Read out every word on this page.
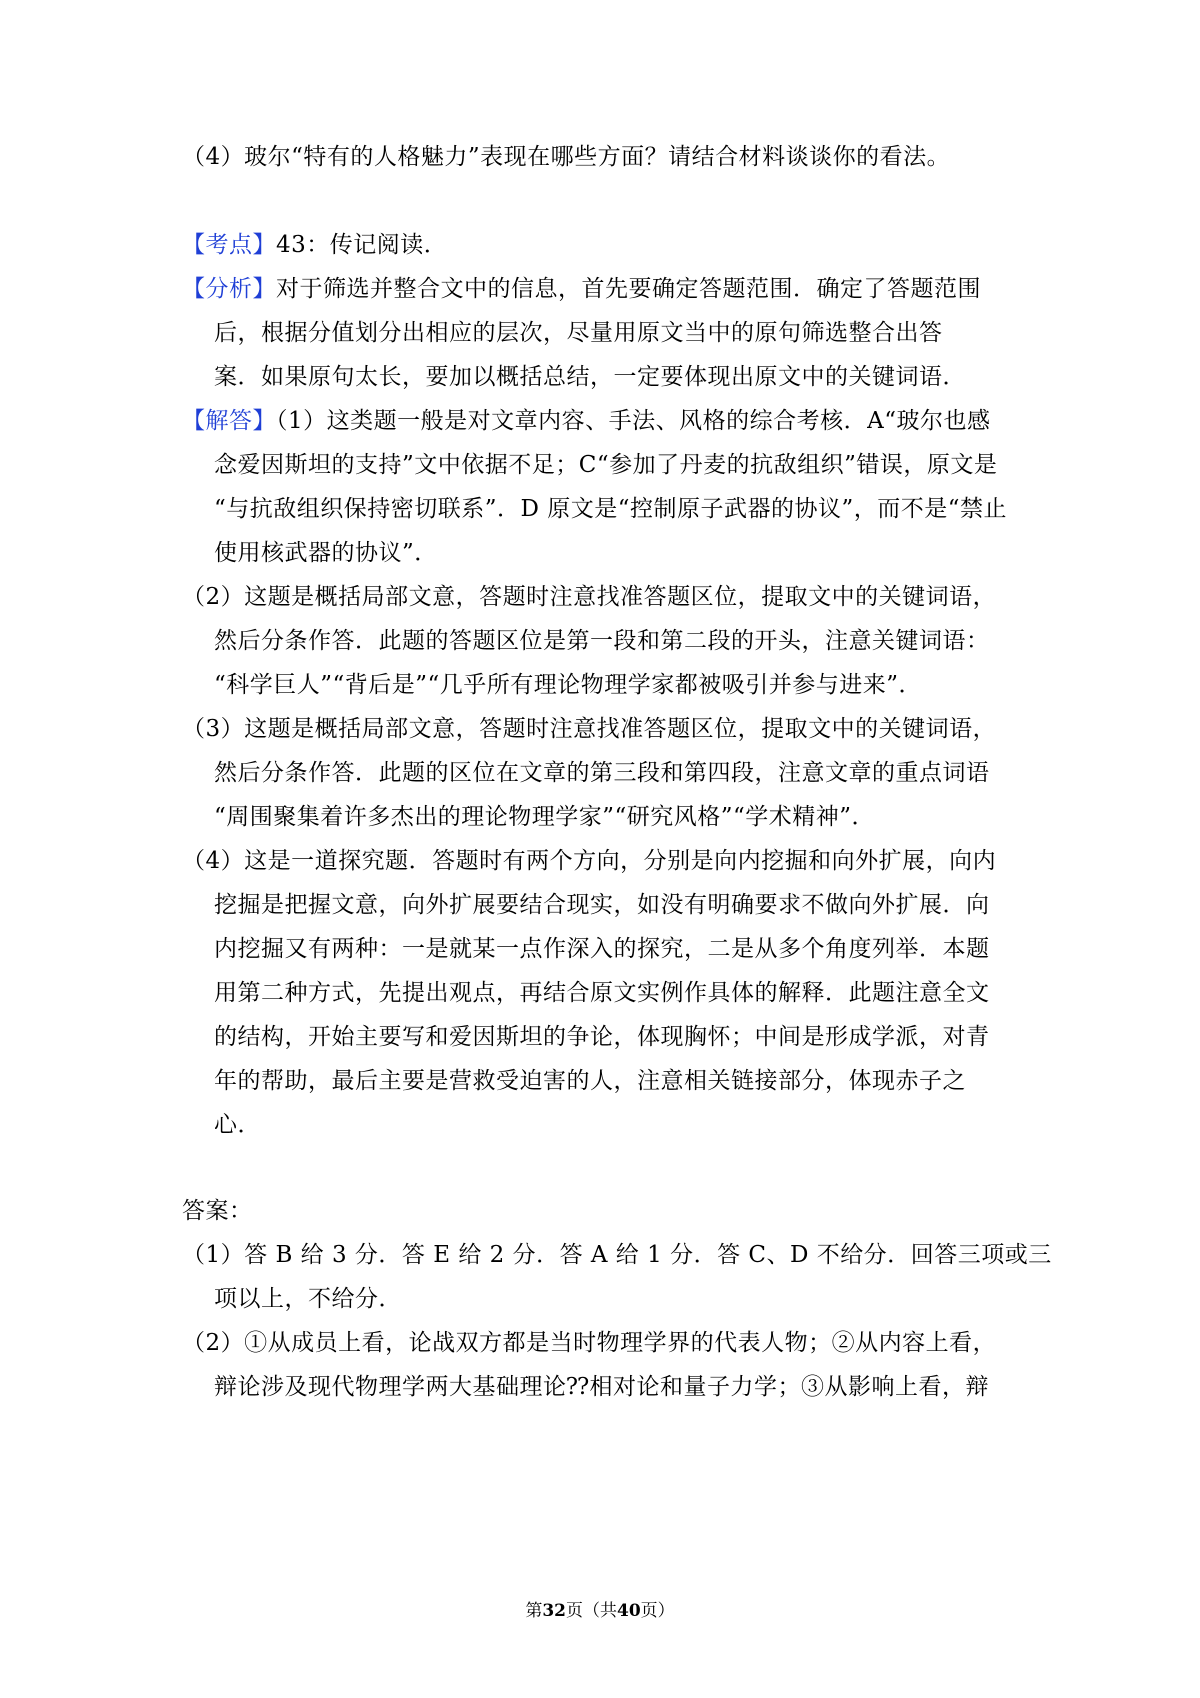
（4）玻尔“特有的人格魅力”表现在哪些方面？请结合材料谈谈你的看法。
【考点】43：传记阅读．
【分析】对于筛选并整合文中的信息，首先要确定答题范围．确定了答题范围
后，根据分值划分出相应的层次，尽量用原文当中的原句筛选整合出答
案．如果原句太长，要加以概括总结，一定要体现出原文中的关键词语．
【解答】（1）这类题一般是对文章内容、手法、风格的综合考核．A“玻尔也感
念爱因斯坦的支持”文中依据不足；C“参加了丹麦的抗敌组织”错误，原文是
“与抗敌组织保持密切联系”．D 原文是“控制原子武器的协议”，而不是“禁止
使用核武器的协议”．
（2）这题是概括局部文意，答题时注意找准答题区位，提取文中的关键词语，
然后分条作答．此题的答题区位是第一段和第二段的开头，注意关键词语：
“科学巨人”“背后是”“几乎所有理论物理学家都被吸引并参与进来”．
（3）这题是概括局部文意，答题时注意找准答题区位，提取文中的关键词语，
然后分条作答．此题的区位在文章的第三段和第四段，注意文章的重点词语
“周围聚集着许多杰出的理论物理学家”“研究风格”“学术精神”．
（4）这是一道探究题．答题时有两个方向，分别是向内挖掘和向外扩展，向内
挖掘是把握文意，向外扩展要结合现实，如没有明确要求不做向外扩展．向
内挖掘又有两种：一是就某一点作深入的探究，二是从多个角度列举．本题
用第二种方式，先提出观点，再结合原文实例作具体的解释．此题注意全文
的结构，开始主要写和爱因斯坦的争论，体现胸怀；中间是形成学派，对青
年的帮助，最后主要是营救受迫害的人，注意相关链接部分，体现赤子之
心．
答案：
（1）答 B 给 3 分．答 E 给 2 分．答 A 给 1 分．答 C、D 不给分．回答三项或三
项以上，不给分．
（2）①从成员上看，论战双方都是当时物理学界的代表人物；②从内容上看，
辩论涉及现代物理学两大基础理论⁇相对论和量子力学；③从影响上看，辩
第32页（共40页）
